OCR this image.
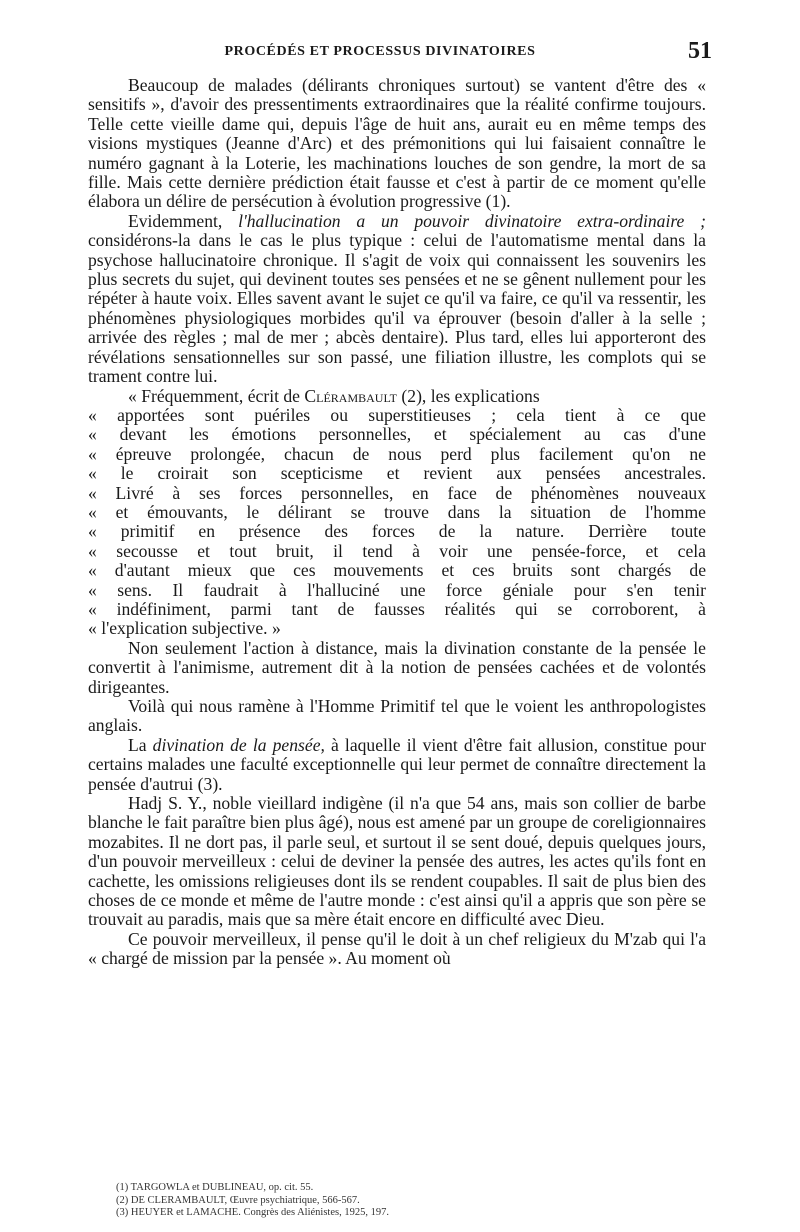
PROCÉDÉS ET PROCESSUS DIVINATOIRES	51

Beaucoup de malades (délirants chroniques surtout) se vantent d'être des « sensitifs », d'avoir des pressentiments extraordinaires que la réalité confirme toujours. Telle cette vieille dame qui, depuis l'âge de huit ans, aurait eu en même temps des visions mystiques (Jeanne d'Arc) et des prémonitions qui lui faisaient connaître le numéro gagnant à la Loterie, les machinations louches de son gendre, la mort de sa fille. Mais cette dernière prédiction était fausse et c'est à partir de ce moment qu'elle élabora un délire de persécution à évolution progressive (1).

Evidemment, l'hallucination a un pouvoir divinatoire extra-ordinaire ; considérons-la dans le cas le plus typique : celui de l'automatisme mental dans la psychose hallucinatoire chronique. Il s'agit de voix qui connaissent les souvenirs les plus secrets du sujet, qui devinent toutes ses pensées et ne se gênent nullement pour les répéter à haute voix. Elles savent avant le sujet ce qu'il va faire, ce qu'il va ressentir, les phénomènes physiologiques morbides qu'il va éprouver (besoin d'aller à la selle ; arrivée des règles ; mal de mer ; abcès dentaire). Plus tard, elles lui apporteront des révélations sensationnelles sur son passé, une filiation illustre, les complots qui se trament contre lui.

« Fréquemment, écrit de Clérambault (2), les explications
« apportées sont puériles ou superstitieuses ; cela tient à ce que
« devant les émotions personnelles, et spécialement au cas d'une
« épreuve prolongée, chacun de nous perd plus facilement qu'on ne
« le croirait son scepticisme et revient aux pensées ancestrales.
« Livré à ses forces personnelles, en face de phénomènes nouveaux
« et émouvants, le délirant se trouve dans la situation de l'homme
« primitif en présence des forces de la nature. Derrière toute
« secousse et tout bruit, il tend à voir une pensée-force, et cela
« d'autant mieux que ces mouvements et ces bruits sont chargés de
« sens. Il faudrait à l'halluciné une force géniale pour s'en tenir
« indéfiniment, parmi tant de fausses réalités qui se corroborent, à
« l'explication subjective. »

Non seulement l'action à distance, mais la divination constante de la pensée le convertit à l'animisme, autrement dit à la notion de pensées cachées et de volontés dirigeantes.

Voilà qui nous ramène à l'Homme Primitif tel que le voient les anthropologistes anglais.

La divination de la pensée, à laquelle il vient d'être fait allusion, constitue pour certains malades une faculté exceptionnelle qui leur permet de connaître directement la pensée d'autrui (3).

Hadj S. Y., noble vieillard indigène (il n'a que 54 ans, mais son collier de barbe blanche le fait paraître bien plus âgé), nous est amené par un groupe de coreligionnaires mozabites. Il ne dort pas, il parle seul, et surtout il se sent doué, depuis quelques jours, d'un pouvoir merveilleux : celui de deviner la pensée des autres, les actes qu'ils font en cachette, les omissions religieuses dont ils se rendent coupables. Il sait de plus bien des choses de ce monde et même de l'autre monde : c'est ainsi qu'il a appris que son père se trouvait au paradis, mais que sa mère était encore en difficulté avec Dieu.

Ce pouvoir merveilleux, il pense qu'il le doit à un chef religieux du M'zab qui l'a « chargé de mission par la pensée ». Au moment où

(1) TARGOWLA et DUBLINEAU, op. cit. 55.
(2) DE CLERAMBAULT, Œuvre psychiatrique, 566-567.
(3) HEUYER et LAMACHE. Congrès des Aliénistes, 1925, 197.
